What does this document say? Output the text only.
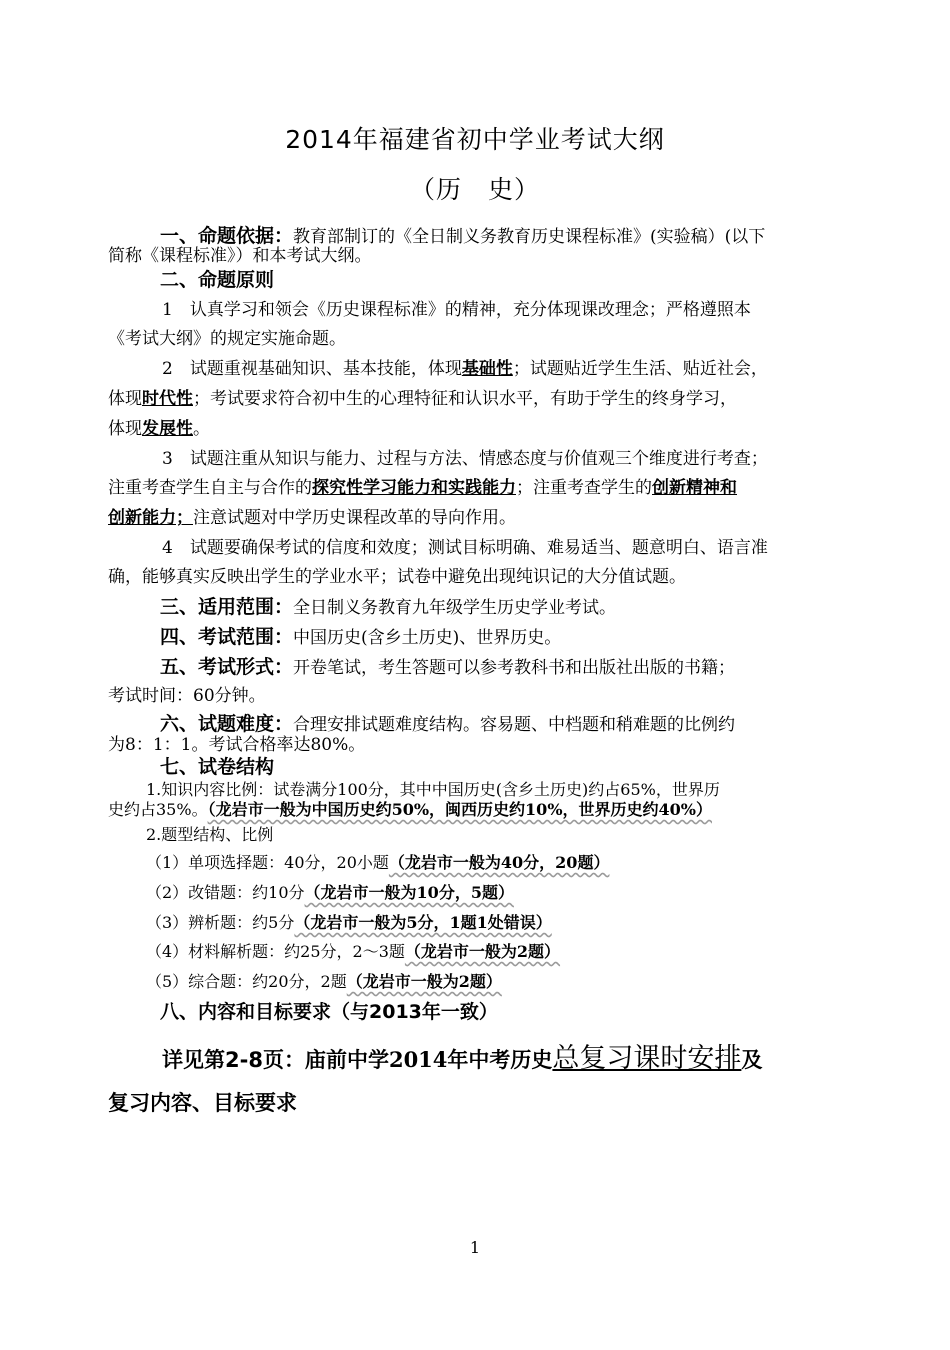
2014年福建省初中学业考试大纲
（历　史）
一、命题依据：教育部制订的《全日制义务教育历史课程标准》(实验稿）(以下
简称《课程标准》）和本考试大纲。
二、命题原则
1　认真学习和领会《历史课程标准》的精神，充分体现课改理念；严格遵照本
《考试大纲》的规定实施命题。
2　试题重视基础知识、基本技能，体现基础性；试题贴近学生生活、贴近社会，
体现时代性；考试要求符合初中生的心理特征和认识水平，有助于学生的终身学习，
体现发展性。
3　试题注重从知识与能力、过程与方法、情感态度与价值观三个维度进行考查；
注重考查学生自主与合作的探究性学习能力和实践能力；注重考查学生的创新精神和
创新能力；注意试题对中学历史课程改革的导向作用。
4　试题要确保考试的信度和效度；测试目标明确、难易适当、题意明白、语言准
确，能够真实反映出学生的学业水平；试卷中避免出现纯识记的大分值试题。
三、适用范围：全日制义务教育九年级学生历史学业考试。
四、考试范围：中国历史(含乡土历史)、世界历史。
五、考试形式：开卷笔试，考生答题可以参考教科书和出版社出版的书籍；
考试时间：60分钟。
六、试题难度：合理安排试题难度结构。容易题、中档题和稍难题的比例约
为8：1：1。考试合格率达80%。
七、试卷结构
1.知识内容比例：试卷满分100分，其中中国历史(含乡土历史)约占65%，世界历
史约占35%。（龙岩市一般为中国历史约50%，闽西历史约10%，世界历史约40%）
2.题型结构、比例
（1）单项选择题：40分，20小题（龙岩市一般为40分，20题）
（2）改错题：约10分（龙岩市一般为10分，5题）
（3）辨析题：约5分（龙岩市一般为5分，1题1处错误）
（4）材料解析题：约25分，2～3题（龙岩市一般为2题）
（5）综合题：约20分，2题（龙岩市一般为2题）
八、内容和目标要求（与2013年一致）
详见第2-8页：庙前中学2014年中考历史总复习课时安排及
复习内容、目标要求
1
